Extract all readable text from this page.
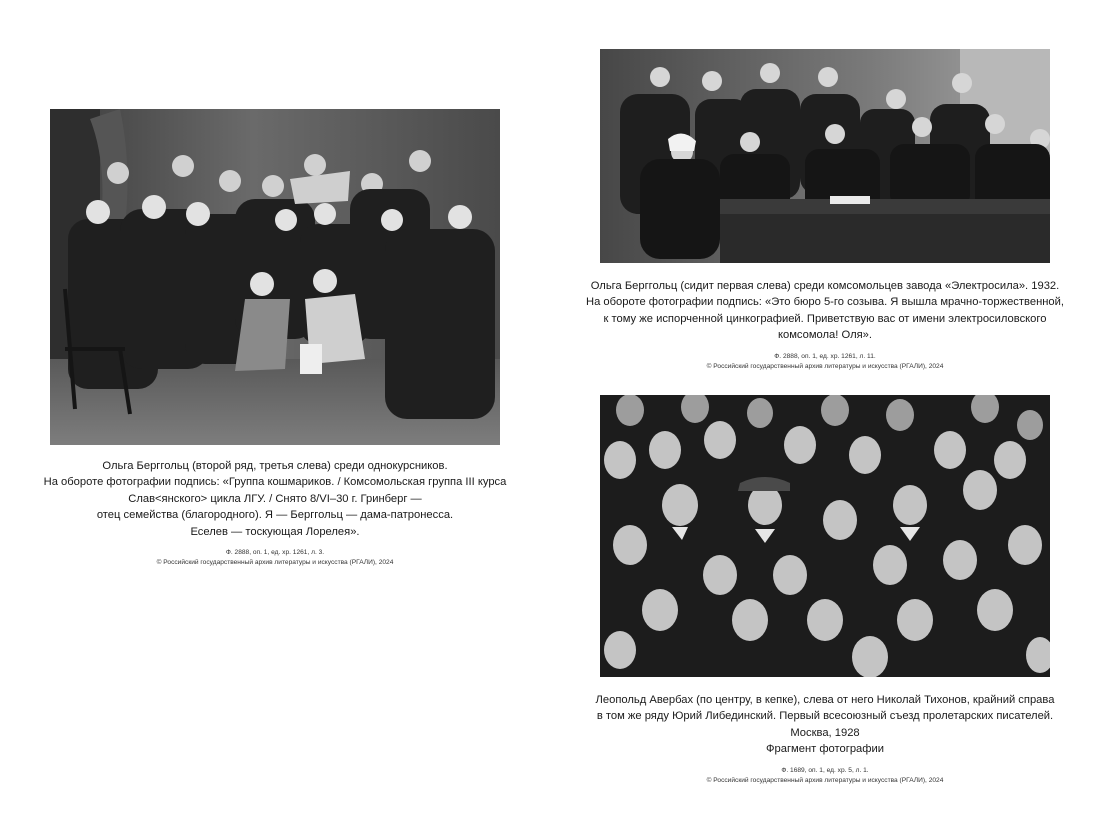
Ольга Берггольц (второй ряд, третья слева) среди однокурсников.
На обороте фотографии подпись: «Группа кошмариков. / Комсомольская группа III курса
Слав<янского> цикла ЛГУ. / Снято 8/VI–30 г. Гринберг —
отец семейства (благородного). Я — Берггольц — дама-патронесса.
Еселев — тоскующая Лорелея».
Ф. 2888, оп. 1, ед. хр. 1261, л. 3.
© Российский государственный архив литературы и искусства (РГАЛИ), 2024
Ольга Берггольц (сидит первая слева) среди комсомольцев завода «Электросила». 1932.
На обороте фотографии подпись: «Это бюро 5-го созыва. Я вышла мрачно-торжественной,
к тому же испорченной цинкографией. Приветствую вас от имени электросиловского
комсомола! Оля».
Ф. 2888, оп. 1, ед. хр. 1261, л. 11.
© Российский государственный архив литературы и искусства (РГАЛИ), 2024
Леопольд Авербах (по центру, в кепке), слева от него Николай Тихонов, крайний справа
в том же ряду Юрий Либединский. Первый всесоюзный съезд пролетарских писателей.
Москва, 1928
Фрагмент фотографии
Ф. 1689, оп. 1, ед. хр. 5, л. 1.
© Российский государственный архив литературы и искусства (РГАЛИ), 2024
